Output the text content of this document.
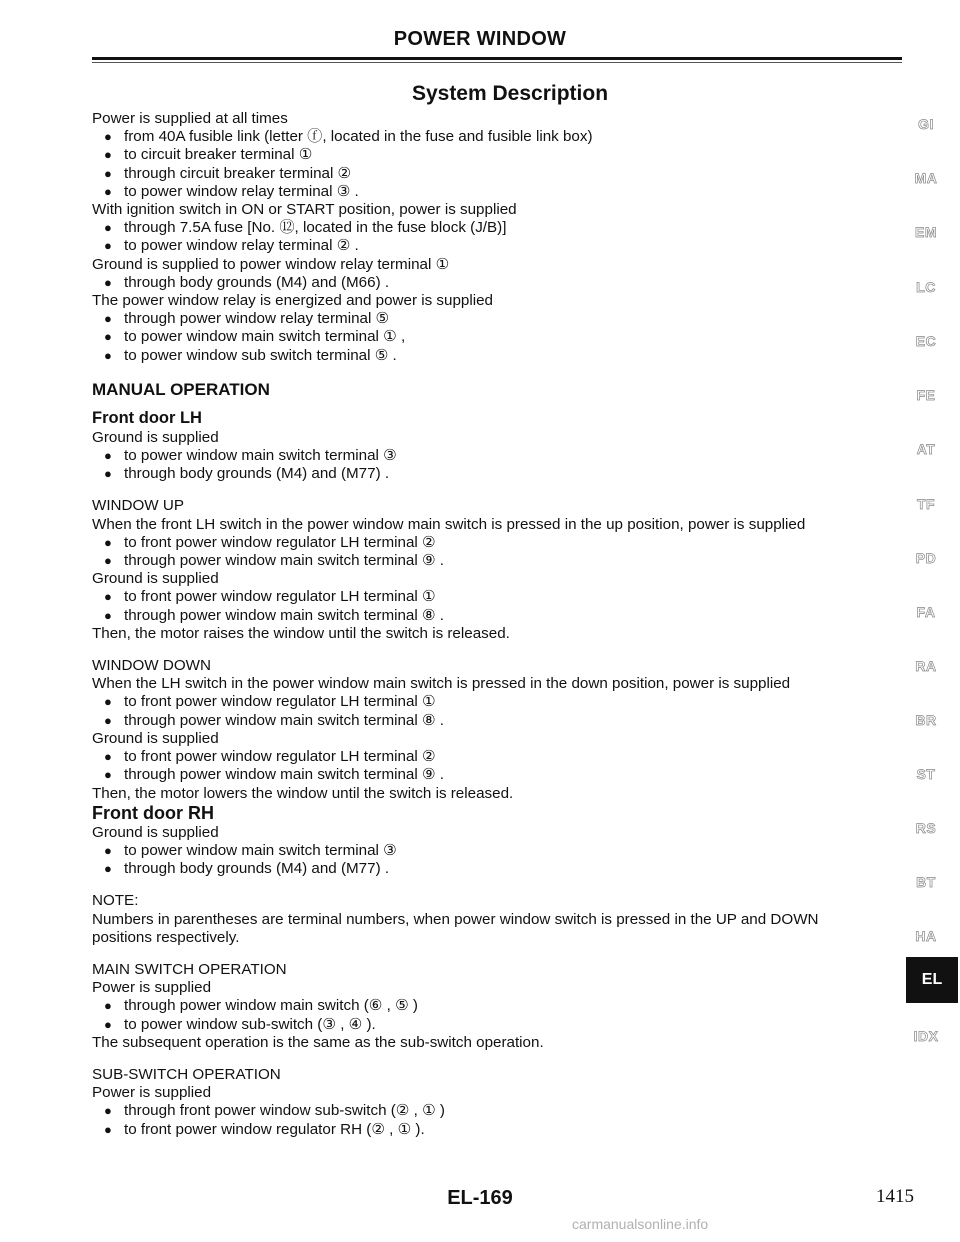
POWER WINDOW
System Description
Power is supplied at all times
● from 40A fusible link (letter ⓕ, located in the fuse and fusible link box)
● to circuit breaker terminal ①
● through circuit breaker terminal ②
● to power window relay terminal ③ .
With ignition switch in ON or START position, power is supplied
● through 7.5A fuse [No. ⑫, located in the fuse block (J/B)]
● to power window relay terminal ② .
Ground is supplied to power window relay terminal ①
● through body grounds (M4) and (M66) .
The power window relay is energized and power is supplied
● through power window relay terminal ⑤
● to power window main switch terminal ① ,
● to power window sub switch terminal ⑤ .
MANUAL OPERATION
Front door LH
Ground is supplied
● to power window main switch terminal ③
● through body grounds (M4) and (M77) .
WINDOW UP
When the front LH switch in the power window main switch is pressed in the up position, power is supplied
● to front power window regulator LH terminal ②
● through power window main switch terminal ⑨ .
Ground is supplied
● to front power window regulator LH terminal ①
● through power window main switch terminal ⑧ .
Then, the motor raises the window until the switch is released.
WINDOW DOWN
When the LH switch in the power window main switch is pressed in the down position, power is supplied
● to front power window regulator LH terminal ①
● through power window main switch terminal ⑧ .
Ground is supplied
● to front power window regulator LH terminal ②
● through power window main switch terminal ⑨ .
Then, the motor lowers the window until the switch is released.
Front door RH
Ground is supplied
● to power window main switch terminal ③
● through body grounds (M4) and (M77) .
NOTE:
Numbers in parentheses are terminal numbers, when power window switch is pressed in the UP and DOWN
positions respectively.
MAIN SWITCH OPERATION
Power is supplied
● through power window main switch (⑥ , ⑤ )
● to power window sub-switch (③ , ④ ).
The subsequent operation is the same as the sub-switch operation.
SUB-SWITCH OPERATION
Power is supplied
● through front power window sub-switch (② , ① )
● to front power window regulator RH (② , ① ).
GI
MA
EM
LC
EC
FE
AT
TF
PD
FA
RA
BR
ST
RS
BT
HA
IDX
EL
EL-169	1415
carmanualsonline.info
